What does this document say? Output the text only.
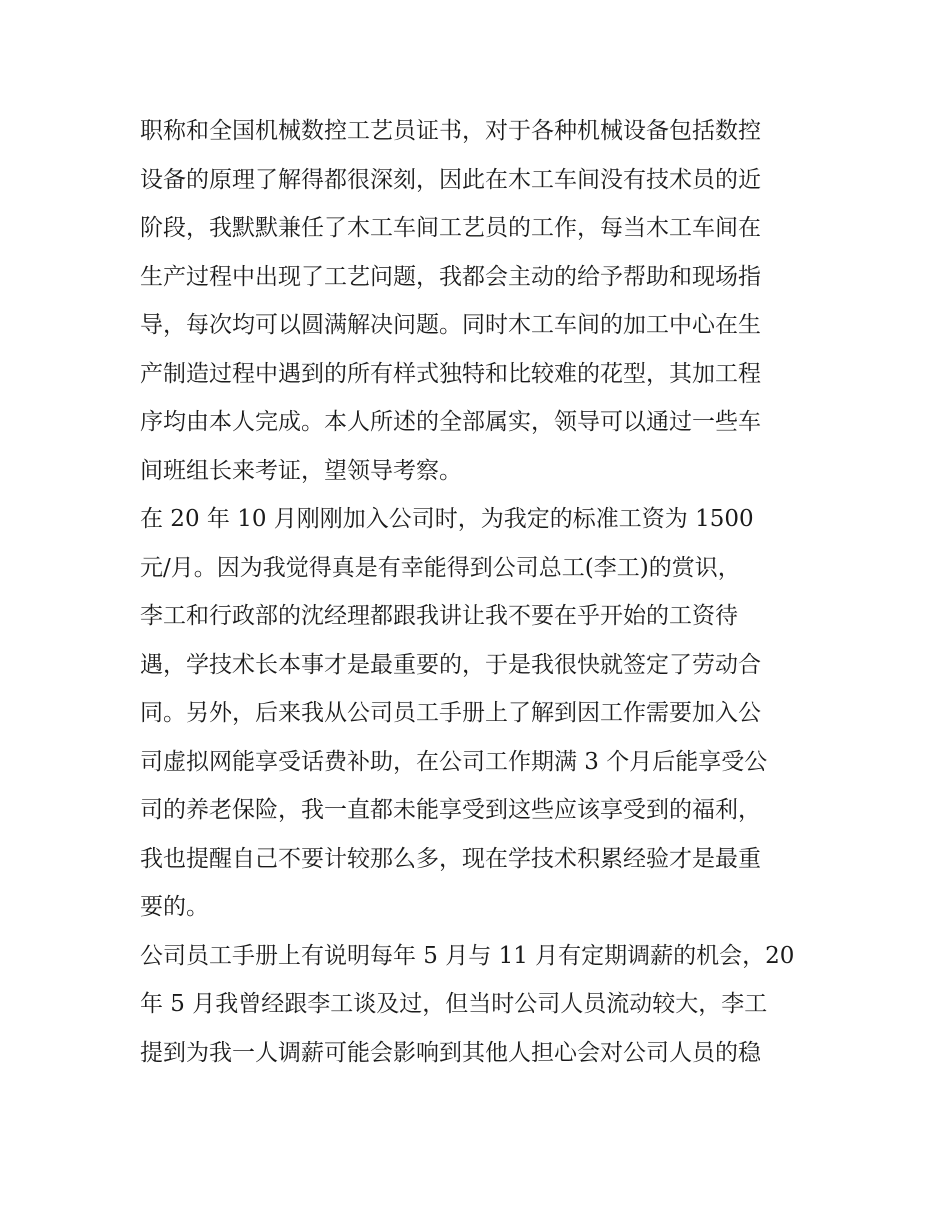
职称和全国机械数控工艺员证书，对于各种机械设备包括数控
设备的原理了解得都很深刻，因此在木工车间没有技术员的近
阶段，我默默兼任了木工车间工艺员的工作，每当木工车间在
生产过程中出现了工艺问题，我都会主动的给予帮助和现场指
导，每次均可以圆满解决问题。同时木工车间的加工中心在生
产制造过程中遇到的所有样式独特和比较难的花型，其加工程
序均由本人完成。本人所述的全部属实，领导可以通过一些车
间班组长来考证，望领导考察。
在 20 年 10 月刚刚加入公司时，为我定的标准工资为 1500
元/月。因为我觉得真是有幸能得到公司总工(李工)的赏识，
李工和行政部的沈经理都跟我讲让我不要在乎开始的工资待
遇，学技术长本事才是最重要的，于是我很快就签定了劳动合
同。另外，后来我从公司员工手册上了解到因工作需要加入公
司虚拟网能享受话费补助，在公司工作期满 3 个月后能享受公
司的养老保险，我一直都未能享受到这些应该享受到的福利，
我也提醒自己不要计较那么多，现在学技术积累经验才是最重
要的。
公司员工手册上有说明每年 5 月与 11 月有定期调薪的机会，20
年 5 月我曾经跟李工谈及过，但当时公司人员流动较大，李工
提到为我一人调薪可能会影响到其他人担心会对公司人员的稳
